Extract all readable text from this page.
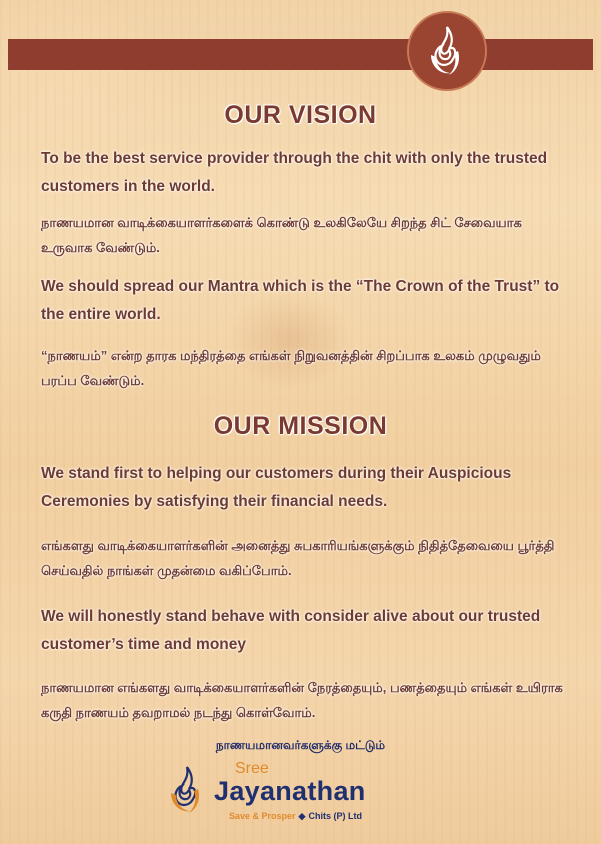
OUR VISION
To be the best service provider through the chit with only the trusted customers in the world.
நாணயமான வாடிக்கையாளர்களைக் கொண்டு உலகிலேயே சிறந்த சிட் சேவையாக உருவாக வேண்டும்.
We should spread our Mantra which is the “The Crown of the Trust” to the entire world.
“நாணயம்” என்ற தாரக மந்திரத்தை எங்கள் நிறுவனத்தின் சிறப்பாக உலகம் முழுவதும் பரப்ப வேண்டும்.
OUR MISSION
We stand first to helping our customers during their Auspicious Ceremonies by satisfying their financial needs.
எங்களது வாடிக்கையாளர்களின் அனைத்து சுபகாரியங்களுக்கும் நிதித்தேவையை பூர்த்தி செய்வதில் நாங்கள் முதன்மை வகிப்போம்.
We will honestly stand behave with consider alive about our trusted customer’s time and money
நாணயமான எங்களது வாடிக்கையாளர்களின் நேரத்தையும், பணத்தையும் எங்கள் உயிராக கருதி நாணயம் தவறாமல் நடந்து கொள்வோம்.
நாணயமானவர்களுக்கு மட்டும்
Sree
Jayanathan
Save & Prosper ◆ Chits (P) Ltd
